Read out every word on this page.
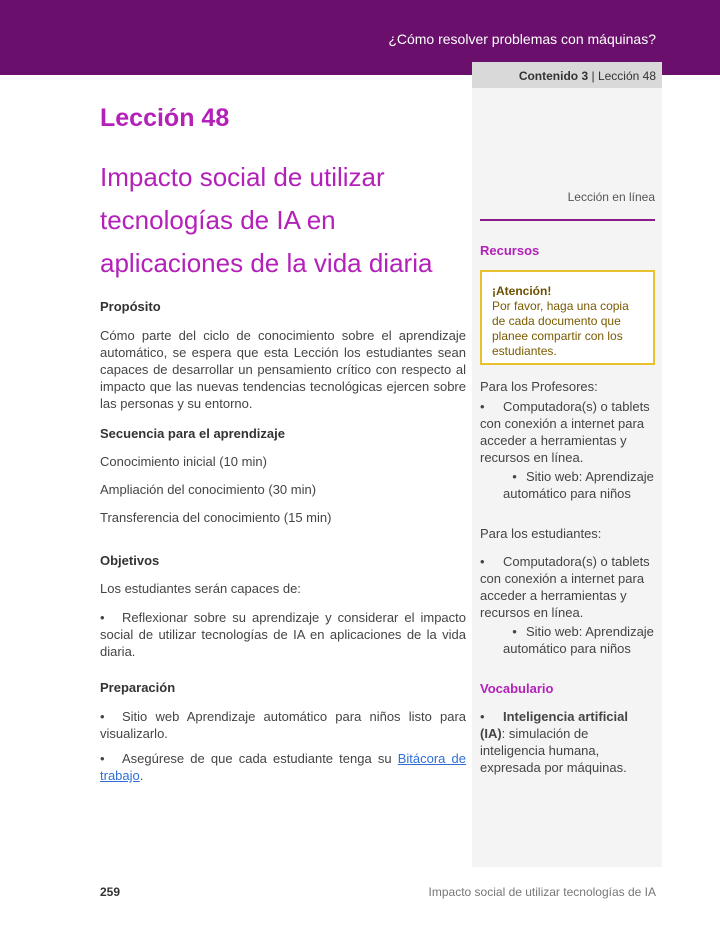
¿Cómo resolver problemas con máquinas?
Contenido 3 | Lección 48
Lección 48
Impacto social de utilizar
tecnologías de IA en
aplicaciones de la vida diaria
Propósito
Cómo parte del ciclo de conocimiento sobre el aprendizaje automático, se espera que esta Lección los estudiantes sean capaces de desarrollar un pensamiento crítico con respecto al impacto que las nuevas tendencias tecnológicas ejercen sobre las personas y su entorno.
Secuencia para el aprendizaje
Conocimiento inicial (10 min)
Ampliación del conocimiento (30 min)
Transferencia del conocimiento (15 min)
Objetivos
Los estudiantes serán capaces de:
• Reflexionar sobre su aprendizaje y considerar el impacto social de utilizar tecnologías de IA en aplicaciones de la vida diaria.
Preparación
• Sitio web Aprendizaje automático para niños listo para visualizarlo.
• Asegúrese de que cada estudiante tenga su Bitácora de trabajo.
Lección en línea
Recursos
¡Atención!
Por favor, haga una copia de cada documento que planee compartir con los estudiantes.
Para los Profesores:
• Computadora(s) o tablets con conexión a internet para acceder a herramientas y recursos en línea.
• Sitio web: Aprendizaje automático para niños
Para los estudiantes:
• Computadora(s) o tablets con conexión a internet para acceder a herramientas y recursos en línea.
• Sitio web: Aprendizaje automático para niños
Vocabulario
• Inteligencia artificial (IA): simulación de inteligencia humana, expresada por máquinas.
259	Impacto social de utilizar tecnologías de IA
